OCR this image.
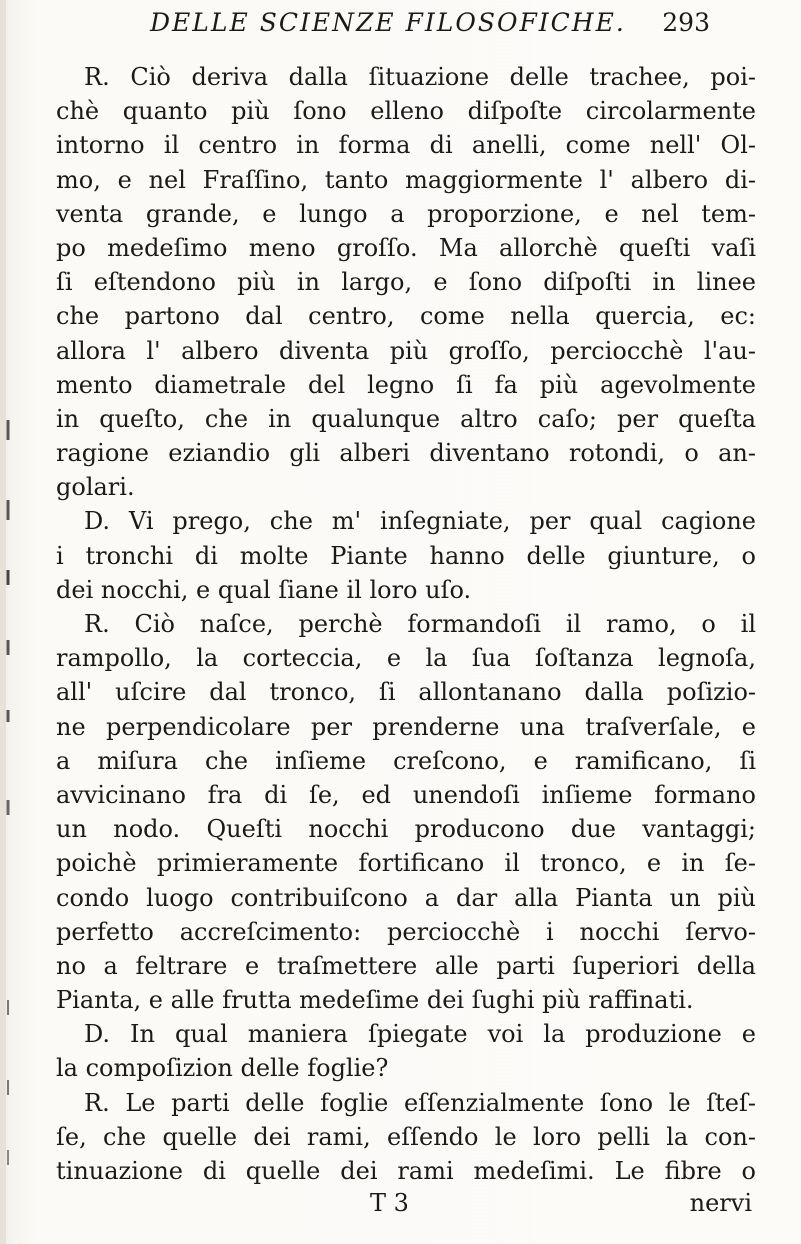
DELLE SCIENZE FILOSOFICHE. 293
R. Ciò deriva dalla ſituazione delle trachee, poi-
chè quanto più ſono elleno diſpoſte circolarmente
intorno il centro in forma di anelli, come nell' Ol-
mo, e nel Fraſſino, tanto maggiormente l' albero di-
venta grande, e lungo a proporzione, e nel tem-
po medeſimo meno groſſo. Ma allorchè queſti vaſi
ſi eſtendono più in largo, e ſono diſpoſti in linee
che partono dal centro, come nella quercia, ec:
allora l' albero diventa più groſſo, perciocchè l'au-
mento diametrale del legno ſi fa più agevolmente
in queſto, che in qualunque altro caſo; per queſta
ragione eziandio gli alberi diventano rotondi, o an-
golari.
D. Vi prego, che m' inſegniate, per qual cagione
i tronchi di molte Piante hanno delle giunture, o
dei nocchi, e qual ſiane il loro uſo.
R. Ciò naſce, perchè formandoſi il ramo, o il
rampollo, la corteccia, e la ſua ſoſtanza legnoſa,
all' uſcire dal tronco, ſi allontanano dalla poſizio-
ne perpendicolare per prenderne una traſverſale, e
a miſura che inſieme creſcono, e ramificano, ſi
avvicinano fra di ſe, ed unendoſi inſieme formano
un nodo. Queſti nocchi producono due vantaggi;
poichè primieramente fortificano il tronco, e in ſe-
condo luogo contribuiſcono a dar alla Pianta un più
perfetto accreſcimento: perciocchè i nocchi ſervo-
no a feltrare e traſmettere alle parti ſuperiori della
Pianta, e alle frutta medeſime dei ſughi più raffinati.
D. In qual maniera ſpiegate voi la produzione e
la compoſizion delle foglie?
R. Le parti delle foglie eſſenzialmente ſono le ſteſ-
ſe, che quelle dei rami, eſſendo le loro pelli la con-
tinuazione di quelle dei rami medeſimi. Le fibre o
T 3	nervi
